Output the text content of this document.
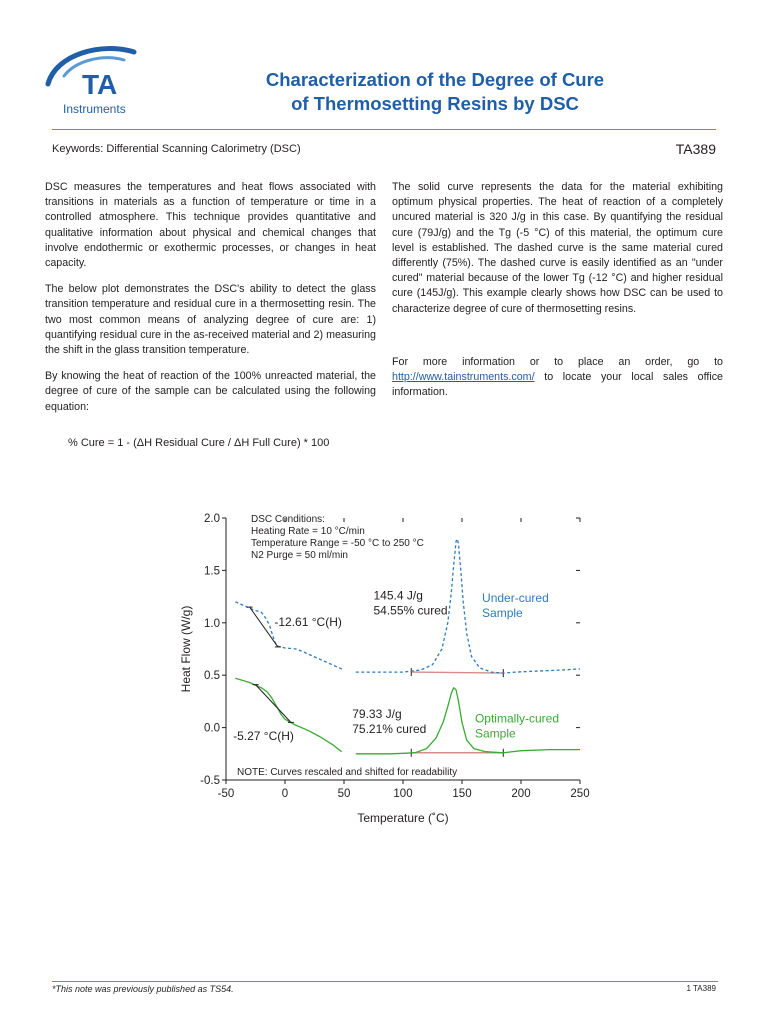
TA
Instruments
Characterization of the Degree of Cure
of Thermosetting Resins by DSC
Keywords: Differential Scanning Calorimetry (DSC)	TA389

DSC measures the temperatures and heat flows associated with transitions in materials as a function of temperature or time in a controlled atmosphere. This technique provides quantitative and qualitative information about physical and chemical changes that involve endothermic or exothermic processes, or changes in heat capacity.

The below plot demonstrates the DSC's ability to detect the glass transition temperature and residual cure in a thermosetting resin. The two most common means of analyzing degree of cure are: 1) quantifying residual cure in the as-received material and 2) measuring the shift in the glass transition temperature.

By knowing the heat of reaction of the 100% unreacted material, the degree of cure of the sample can be calculated using the following equation:

% Cure = 1 - (ΔH Residual Cure / ΔH Full Cure) * 100

The solid curve represents the data for the material exhibiting optimum physical properties. The heat of reaction of a completely uncured material is 320 J/g in this case. By quantifying the residual cure (79J/g) and the Tg (-5 °C) of this material, the optimum cure level is established. The dashed curve is the same material cured differently (75%). The dashed curve is easily identified as an "under cured" material because of the lower Tg (-12 °C) and higher residual cure (145J/g). This example clearly shows how DSC can be used to characterize degree of cure of thermosetting resins.

For more information or to place an order, go to http://www.tainstruments.com/ to locate your local sales office information.

2.0
1.5
1.0
0.5
0.0
-0.5
-50	0	50	100	150	200	250
Temperature (˚C)
Heat Flow (W/g)
DSC Conditions:
Heating Rate = 10 °C/min
Temperature Range = -50 °C to 250 °C
N2 Purge = 50 ml/min
NOTE: Curves rescaled and shifted for readability
145.4 J/g
54.55% cured
-12.61 °C(H)
Under-cured
Sample
79.33 J/g
75.21% cured
-5.27 °C(H)
Optimally-cured
Sample
*This note was previously published as TS54.	1 TA389
